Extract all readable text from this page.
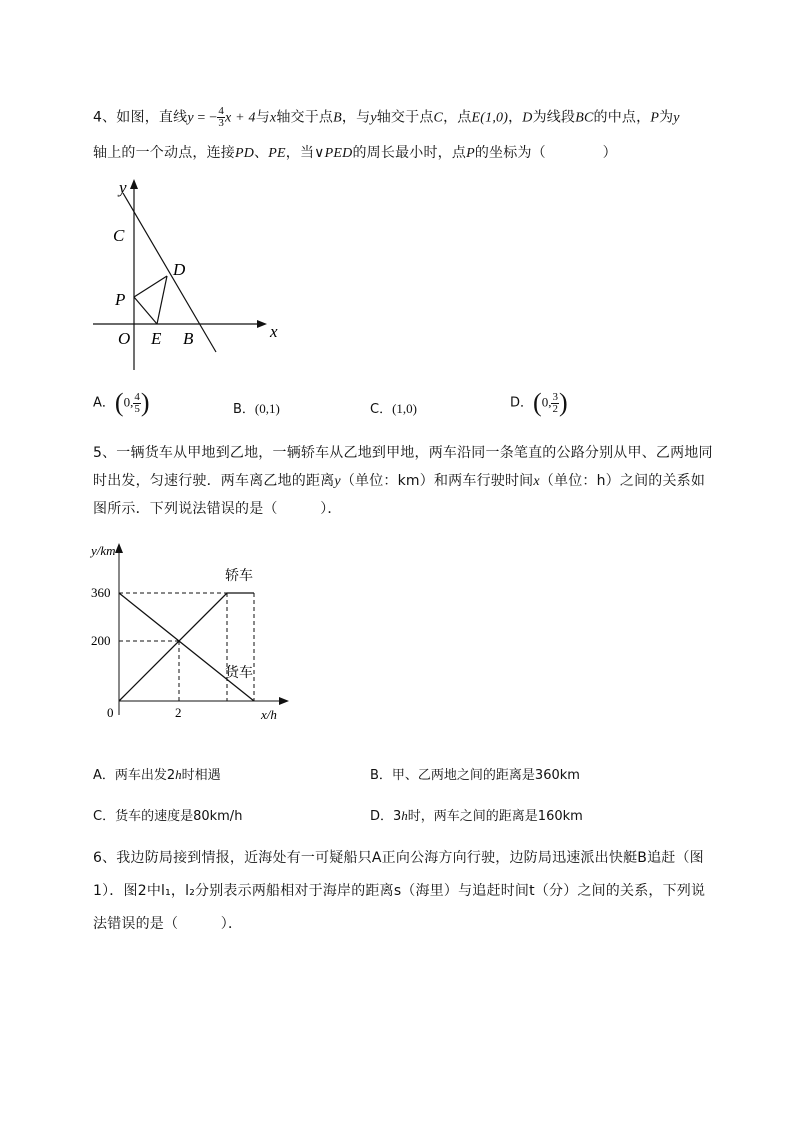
4、如图，直线y = − $\frac{4}{3}$ x + 4与x轴交于点B，与y轴交于点C，点E(1,0)，D为线段BC的中点，P为y
轴上的一个动点，连接PD、PE，当∨PED的周长最小时，点P的坐标为（　　　　）
y
x
C
D
P
O E B
A．(0, $\frac{4}{5}$ )	B．(0,1)	C．(1,0)	D．(0, $\frac{3}{2}$ )
5、一辆货车从甲地到乙地，一辆轿车从乙地到甲地，两车沿同一条笔直的公路分别从甲、乙两地同
时出发，匀速行驶．两车离乙地的距离y（单位：km）和两车行驶时间x（单位：h）之间的关系如
图所示．下列说法错误的是（　　　）．
y/km
x/h
0
200
360
2
轿车
货车
A．两车出发2h时相遇	B．甲、乙两地之间的距离是360km
C．货车的速度是80km/h	D．3h时，两车之间的距离是160km
6、我边防局接到情报，近海处有一可疑船只A正向公海方向行驶，边防局迅速派出快艇B追赶（图
1）．图2中l₁，l₂分别表示两船相对于海岸的距离s（海里）与追赶时间t（分）之间的关系，下列说
法错误的是（　　　）．
